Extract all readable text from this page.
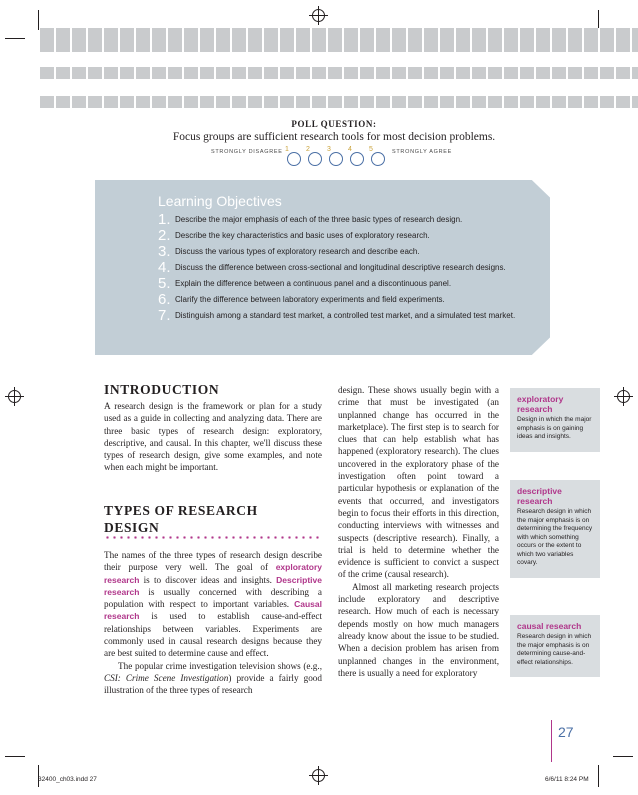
POLL QUESTION:
Focus groups are sufficient research tools for most decision problems.
STRONGLY DISAGREE	STRONGLY AGREE
1 2 3 4 5
Learning Objectives
1. Describe the major emphasis of each of the three basic types of research design.
2. Describe the key characteristics and basic uses of exploratory research.
3. Discuss the various types of exploratory research and describe each.
4. Discuss the difference between cross-sectional and longitudinal descriptive research designs.
5. Explain the difference between a continuous panel and a discontinuous panel.
6. Clarify the difference between laboratory experiments and field experiments.
7. Distinguish among a standard test market, a controlled test market, and a simulated test market.
INTRODUCTION
A research design is the framework or plan for a study used as a guide in collecting and analyzing data. There are three basic types of research design: exploratory, descriptive, and causal. In this chapter, we'll discuss these types of research design, give some examples, and note when each might be important.
TYPES OF RESEARCH
DESIGN
The names of the three types of research design describe their purpose very well. The goal of exploratory research is to discover ideas and insights. Descriptive research is usually concerned with describing a population with respect to important variables. Causal research is used to establish cause-and-effect relationships between variables. Experiments are commonly used in causal research designs because they are best suited to determine cause and effect.
The popular crime investigation television shows (e.g., CSI: Crime Scene Investigation) provide a fairly good illustration of the three types of research
design. These shows usually begin with a crime that must be investigated (an unplanned change has occurred in the marketplace). The first step is to search for clues that can help establish what has happened (exploratory research). The clues uncovered in the exploratory phase of the investigation often point toward a particular hypothesis or explanation of the events that occurred, and investigators begin to focus their efforts in this direction, conducting interviews with witnesses and suspects (descriptive research). Finally, a trial is held to determine whether the evidence is sufficient to convict a suspect of the crime (causal research).
Almost all marketing research projects include exploratory and descriptive research. How much of each is necessary depends mostly on how much managers already know about the issue to be studied. When a decision problem has arisen from unplanned changes in the environment, there is usually a need for exploratory
exploratory research
Design in which the major emphasis is on gaining ideas and insights.
descriptive research
Research design in which the major emphasis is on determining the frequency with which something occurs or the extent to which two variables covary.
causal research
Research design in which the major emphasis is on determining cause-and-effect relationships.
27
32400_ch03.indd 27	6/6/11 8:24 PM
